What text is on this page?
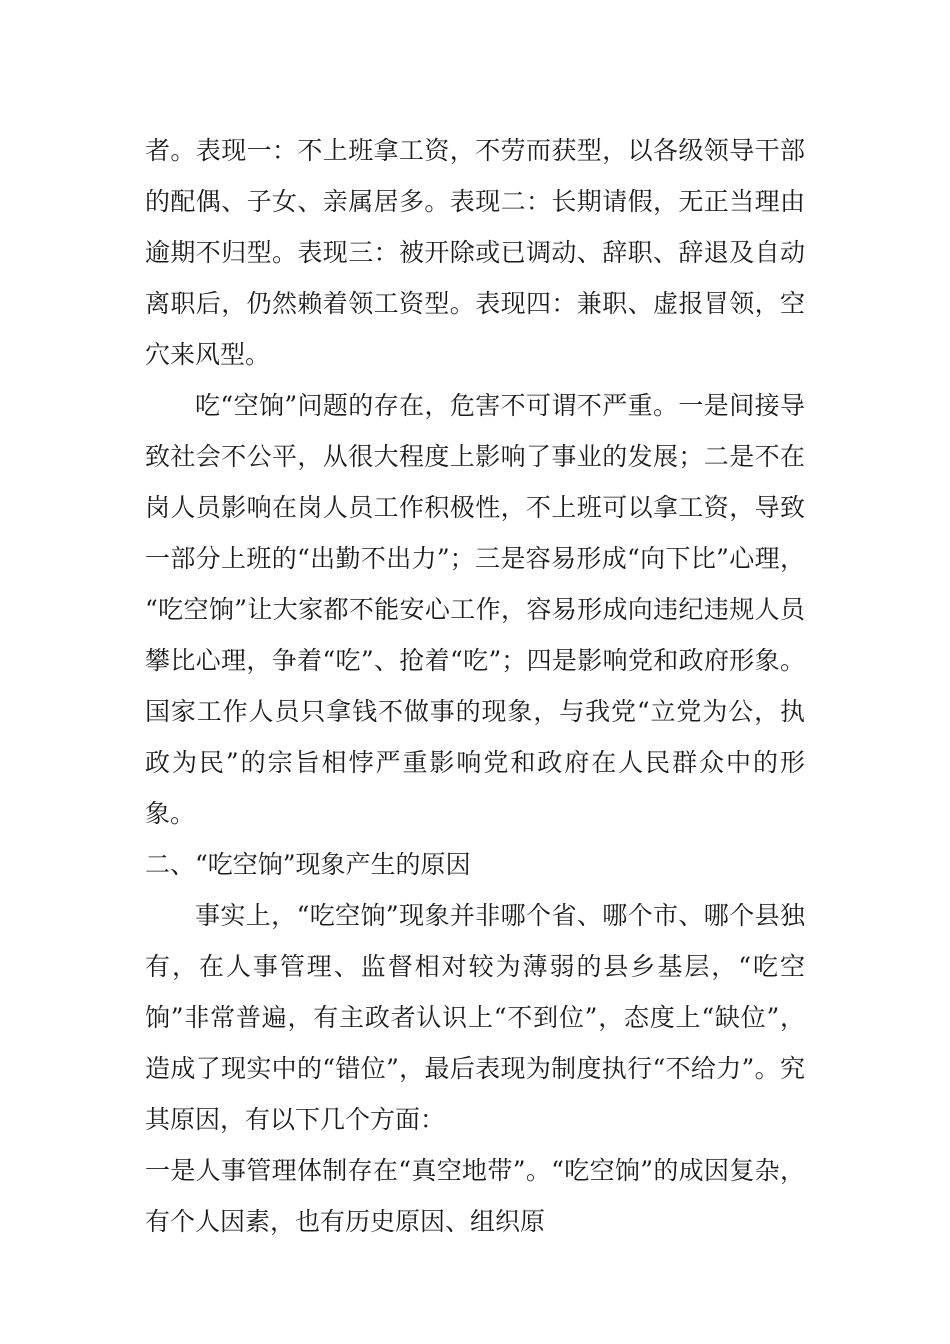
者。表现一：不上班拿工资，不劳而获型，以各级领导干部的配偶、子女、亲属居多。表现二：长期请假，无正当理由逾期不归型。表现三：被开除或已调动、辞职、辞退及自动离职后，仍然赖着领工资型。表现四：兼职、虚报冒领，空穴来风型。

吃“空饷”问题的存在，危害不可谓不严重。一是间接导致社会不公平，从很大程度上影响了事业的发展；二是不在岗人员影响在岗人员工作积极性，不上班可以拿工资，导致一部分上班的“出勤不出力”；三是容易形成“向下比”心理， “吃空饷”让大家都不能安心工作，容易形成向违纪违规人员攀比心理，争着“吃”、抢着“吃”；四是影响党和政府形象。国家工作人员只拿钱不做事的现象，与我党“立党为公，执政为民”的宗旨相悖严重影响党和政府在人民群众中的形象。

二、“吃空饷”现象产生的原因

事实上，“吃空饷”现象并非哪个省、哪个市、哪个县独有，在人事管理、监督相对较为薄弱的县乡基层，“吃空饷”非常普遍，有主政者认识上“不到位”，态度上“缺位”，造成了现实中的“错位”，最后表现为制度执行“不给力”。究其原因，有以下几个方面：

一是人事管理体制存在“真空地带”。“吃空饷”的成因复杂，有个人因素，也有历史原因、组织原
